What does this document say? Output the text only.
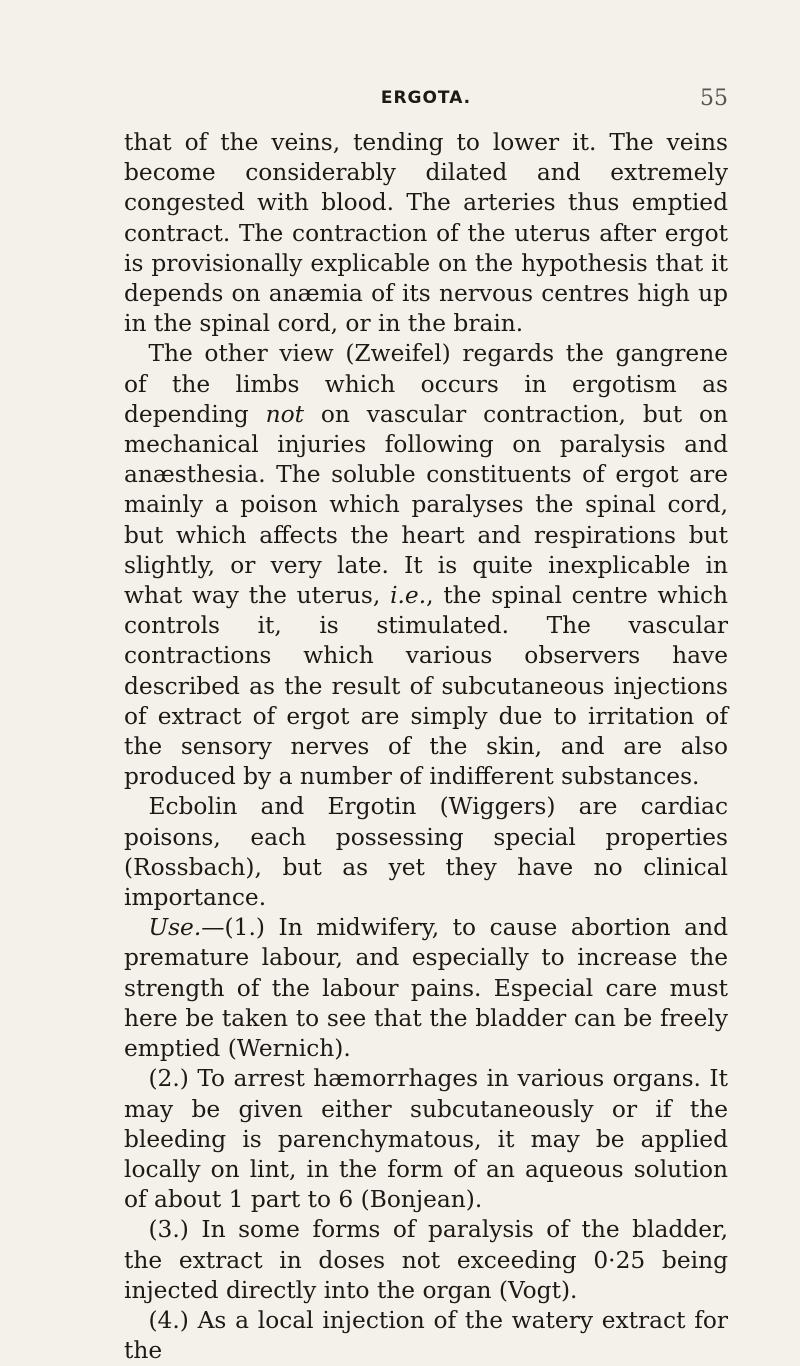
ERGOTA.	55

that of the veins, tending to lower it. The veins become considerably dilated and extremely congested with blood. The arteries thus emptied contract. The contraction of the uterus after ergot is provisionally explicable on the hypothesis that it depends on anæmia of its nervous centres high up in the spinal cord, or in the brain.

The other view (Zweifel) regards the gangrene of the limbs which occurs in ergotism as depending not on vascular contraction, but on mechanical injuries following on paralysis and anæsthesia. The soluble constituents of ergot are mainly a poison which paralyses the spinal cord, but which affects the heart and respirations but slightly, or very late. It is quite inexplicable in what way the uterus, i.e., the spinal centre which controls it, is stimulated. The vascular contractions which various observers have described as the result of subcutaneous injections of extract of ergot are simply due to irritation of the sensory nerves of the skin, and are also produced by a number of indifferent substances.

Ecbolin and Ergotin (Wiggers) are cardiac poisons, each possessing special properties (Rossbach), but as yet they have no clinical importance.

Use.—(1.) In midwifery, to cause abortion and premature labour, and especially to increase the strength of the labour pains. Especial care must here be taken to see that the bladder can be freely emptied (Wernich).

(2.) To arrest hæmorrhages in various organs. It may be given either subcutaneously or if the bleeding is parenchymatous, it may be applied locally on lint, in the form of an aqueous solution of about 1 part to 6 (Bonjean).

(3.) In some forms of paralysis of the bladder, the extract in doses not exceeding 0·25 being injected directly into the organ (Vogt).

(4.) As a local injection of the watery extract for the
